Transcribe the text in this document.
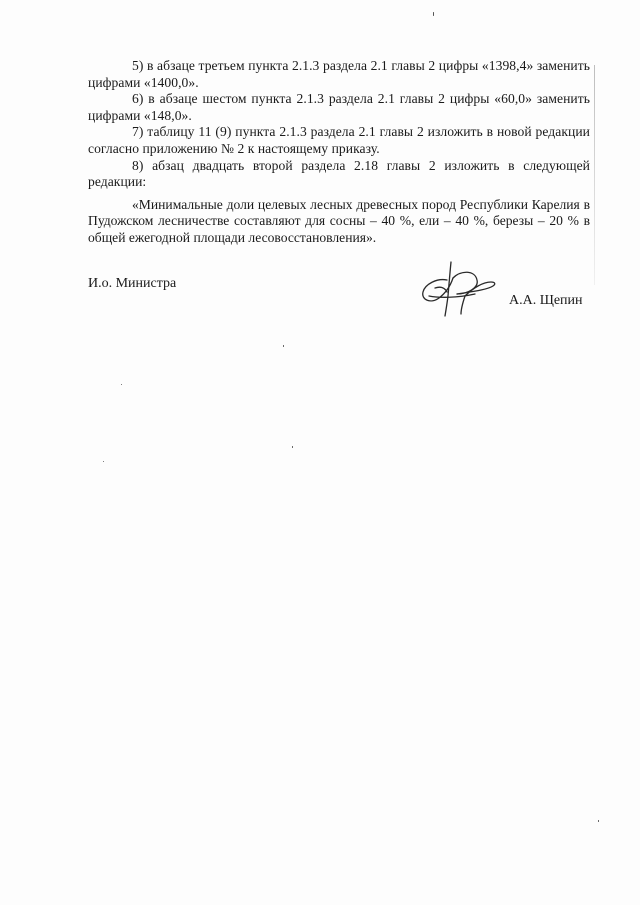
5) в абзаце третьем пункта 2.1.3 раздела 2.1 главы 2 цифры «1398,4» заменить цифрами «1400,0».

6) в абзаце шестом пункта 2.1.3 раздела 2.1 главы 2 цифры «60,0» заменить цифрами «148,0».

7) таблицу 11 (9) пункта 2.1.3 раздела 2.1 главы 2 изложить в новой редакции согласно приложению № 2 к настоящему приказу.

8) абзац двадцать второй раздела 2.18 главы 2 изложить в следующей редакции:

«Минимальные доли целевых лесных древесных пород Республики Карелия в Пудожском лесничестве составляют для сосны – 40 %, ели – 40 %, березы – 20 % в общей ежегодной площади лесовосстановления».

И.о. Министра
А.А. Щепин
